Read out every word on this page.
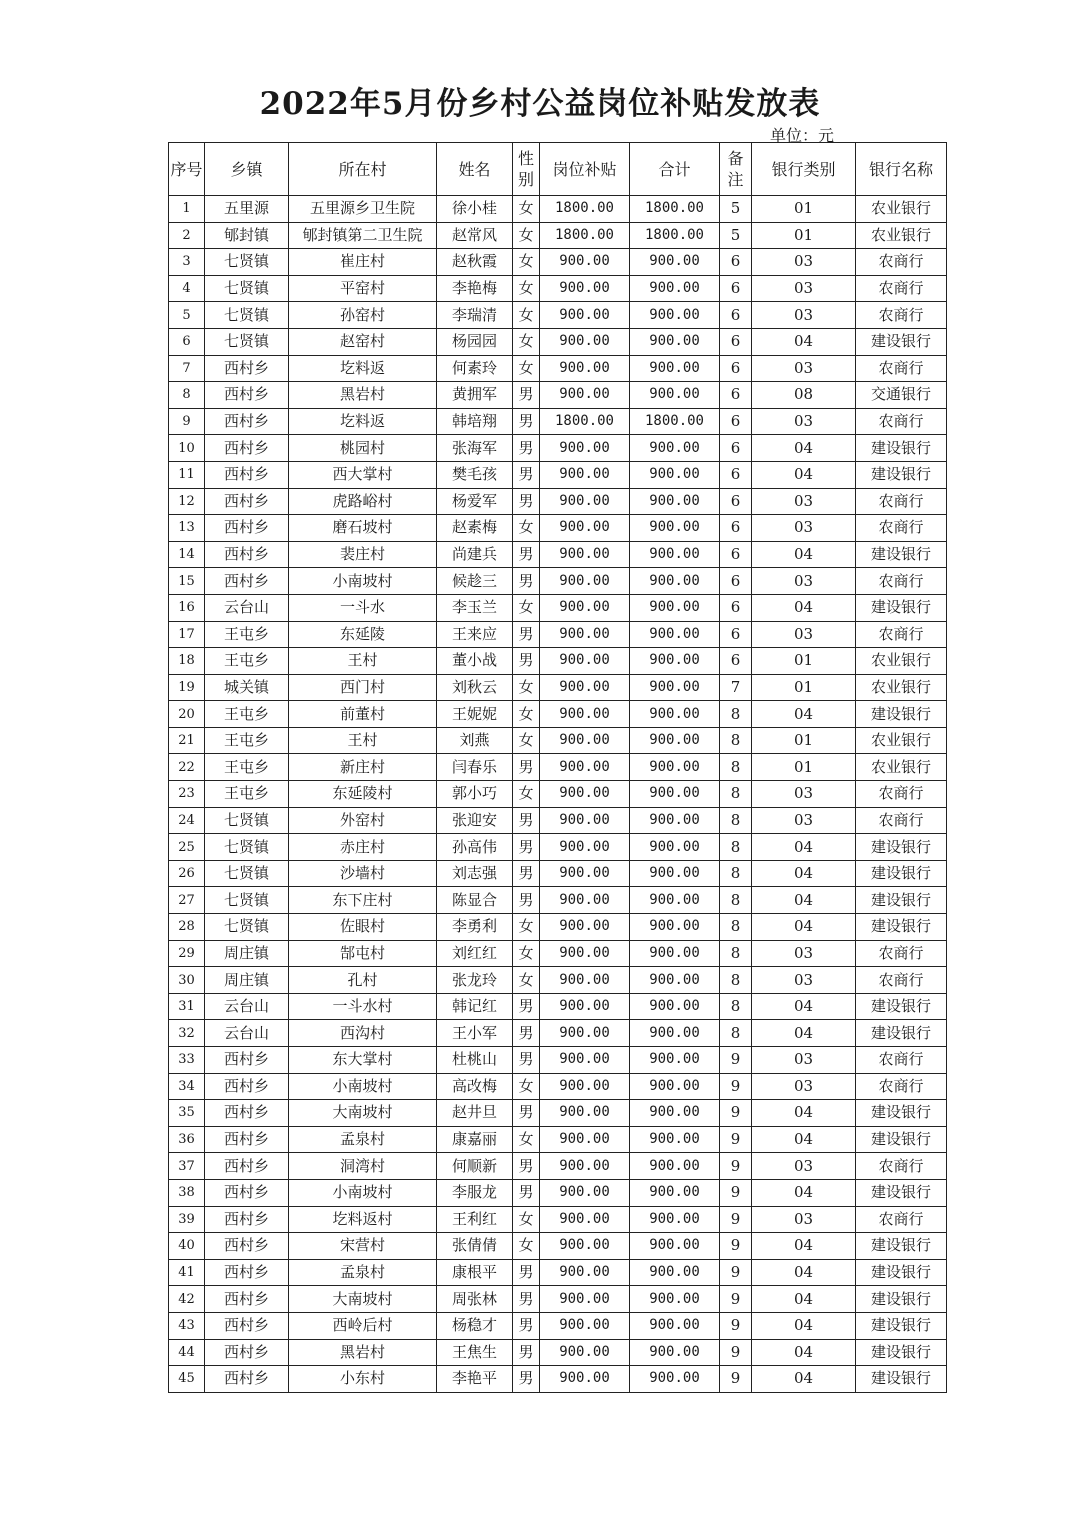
2022年5月份乡村公益岗位补贴发放表
单位：元
序号	乡镇	所在村	姓名	性别	岗位补贴	合计	备注	银行类别	银行名称
1	五里源	五里源乡卫生院	徐小桂	女	1800.00	1800.00	5	01	农业银行
2	郇封镇	郇封镇第二卫生院	赵常风	女	1800.00	1800.00	5	01	农业银行
3	七贤镇	崔庄村	赵秋霞	女	900.00	900.00	6	03	农商行
4	七贤镇	平窑村	李艳梅	女	900.00	900.00	6	03	农商行
5	七贤镇	孙窑村	李瑞清	女	900.00	900.00	6	03	农商行
6	七贤镇	赵窑村	杨园园	女	900.00	900.00	6	04	建设银行
7	西村乡	圪料返	何素玲	女	900.00	900.00	6	03	农商行
8	西村乡	黑岩村	黄拥军	男	900.00	900.00	6	08	交通银行
9	西村乡	圪料返	韩培翔	男	1800.00	1800.00	6	03	农商行
10	西村乡	桃园村	张海军	男	900.00	900.00	6	04	建设银行
11	西村乡	西大掌村	樊毛孩	男	900.00	900.00	6	04	建设银行
12	西村乡	虎路峪村	杨爱军	男	900.00	900.00	6	03	农商行
13	西村乡	磨石坡村	赵素梅	女	900.00	900.00	6	03	农商行
14	西村乡	裴庄村	尚建兵	男	900.00	900.00	6	04	建设银行
15	西村乡	小南坡村	候趁三	男	900.00	900.00	6	03	农商行
16	云台山	一斗水	李玉兰	女	900.00	900.00	6	04	建设银行
17	王屯乡	东延陵	王来应	男	900.00	900.00	6	03	农商行
18	王屯乡	王村	董小战	男	900.00	900.00	6	01	农业银行
19	城关镇	西门村	刘秋云	女	900.00	900.00	7	01	农业银行
20	王屯乡	前董村	王妮妮	女	900.00	900.00	8	04	建设银行
21	王屯乡	王村	刘燕	女	900.00	900.00	8	01	农业银行
22	王屯乡	新庄村	闫春乐	男	900.00	900.00	8	01	农业银行
23	王屯乡	东延陵村	郭小巧	女	900.00	900.00	8	03	农商行
24	七贤镇	外窑村	张迎安	男	900.00	900.00	8	03	农商行
25	七贤镇	赤庄村	孙高伟	男	900.00	900.00	8	04	建设银行
26	七贤镇	沙墙村	刘志强	男	900.00	900.00	8	04	建设银行
27	七贤镇	东下庄村	陈显合	男	900.00	900.00	8	04	建设银行
28	七贤镇	佐眼村	李勇利	女	900.00	900.00	8	04	建设银行
29	周庄镇	郜屯村	刘红红	女	900.00	900.00	8	03	农商行
30	周庄镇	孔村	张龙玲	女	900.00	900.00	8	03	农商行
31	云台山	一斗水村	韩记红	男	900.00	900.00	8	04	建设银行
32	云台山	西沟村	王小军	男	900.00	900.00	8	04	建设银行
33	西村乡	东大掌村	杜桃山	男	900.00	900.00	9	03	农商行
34	西村乡	小南坡村	高改梅	女	900.00	900.00	9	03	农商行
35	西村乡	大南坡村	赵井旦	男	900.00	900.00	9	04	建设银行
36	西村乡	孟泉村	康嘉丽	女	900.00	900.00	9	04	建设银行
37	西村乡	洞湾村	何顺新	男	900.00	900.00	9	03	农商行
38	西村乡	小南坡村	李服龙	男	900.00	900.00	9	04	建设银行
39	西村乡	圪料返村	王利红	女	900.00	900.00	9	03	农商行
40	西村乡	宋营村	张倩倩	女	900.00	900.00	9	04	建设银行
41	西村乡	孟泉村	康根平	男	900.00	900.00	9	04	建设银行
42	西村乡	大南坡村	周张林	男	900.00	900.00	9	04	建设银行
43	西村乡	西岭后村	杨稳才	男	900.00	900.00	9	04	建设银行
44	西村乡	黑岩村	王焦生	男	900.00	900.00	9	04	建设银行
45	西村乡	小东村	李艳平	男	900.00	900.00	9	04	建设银行
